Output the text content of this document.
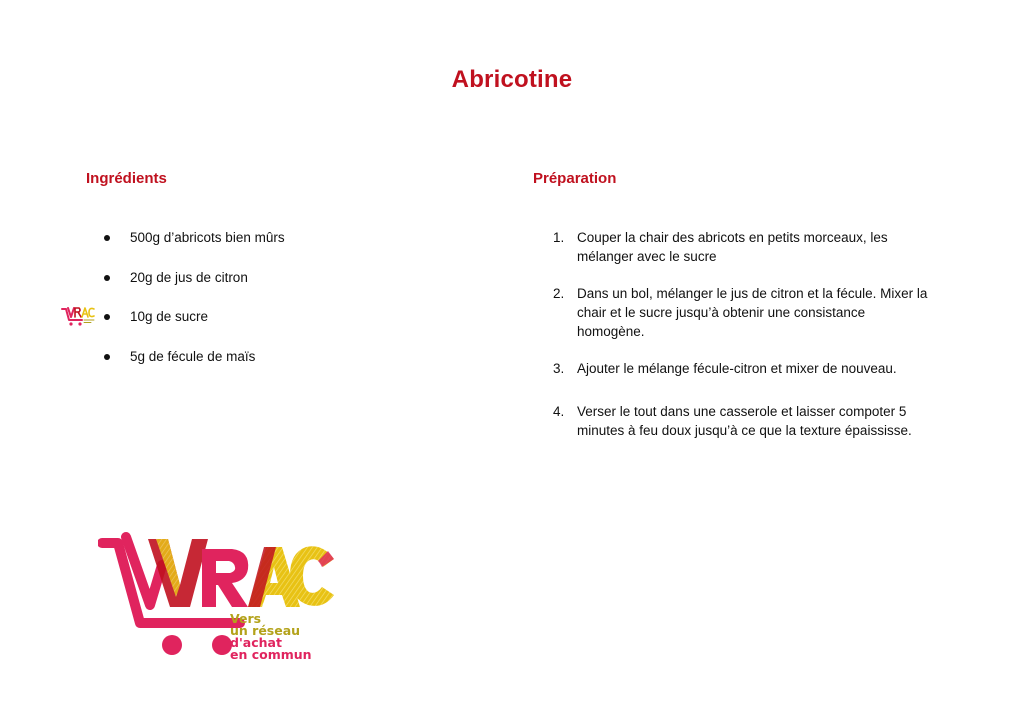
Abricotine
Ingrédients
500g d’abricots bien mûrs
20g de jus de citron
10g de sucre
5g de fécule de maïs
Préparation
1. Couper la chair des abricots en petits morceaux, les mélanger avec le sucre
2. Dans un bol, mélanger le jus de citron et la fécule. Mixer la chair et le sucre jusqu’à obtenir une consistance homogène.
3. Ajouter le mélange fécule-citron et mixer de nouveau.
4. Verser le tout dans une casserole et laisser compoter 5 minutes à feu doux jusqu’à ce que la texture épaississe.
Vers
un réseau
d'achat
en commun
